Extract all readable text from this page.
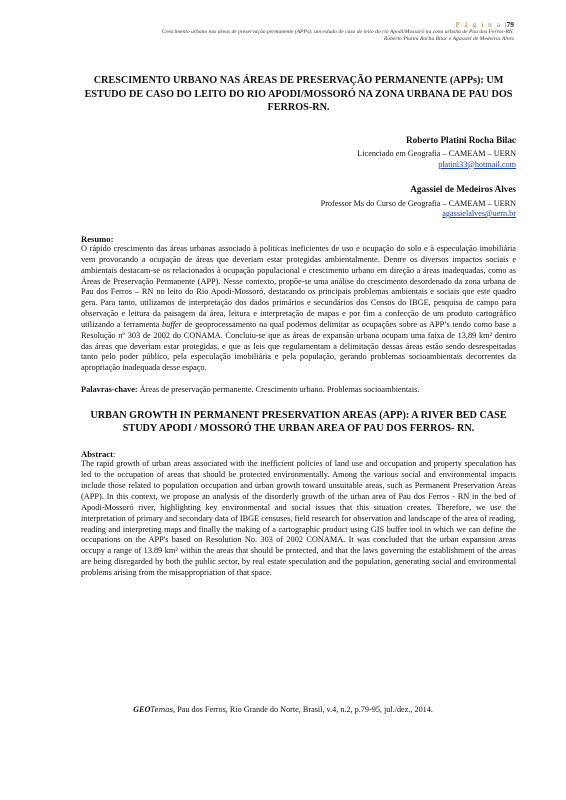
P á g i n a |79
Crescimento urbano nas áreas de preservação permanente (APPs): um estudo de caso do leito do rio Apodi/Mossoró na zona urbana de Pau dos Ferros-RN.
Roberto Platini Rocha Bilac e Agassiel de Medeiros Alves
CRESCIMENTO URBANO NAS ÁREAS DE PRESERVAÇÃO PERMANENTE (APPs): UM ESTUDO DE CASO DO LEITO DO RIO APODI/MOSSORÓ NA ZONA URBANA DE PAU DOS FERROS-RN.
Roberto Platini Rocha Bilac
Licenciado em Geografia – CAMEAM – UERN
platini33@hotmail.com
Agassiel de Medeiros Alves
Professor Ms do Curso de Geografia – CAMEAM – UERN
agassielalves@uern.br
Resumo:

O rápido crescimento das áreas urbanas associado à politicas ineficientes de uso e ocupação do solo e à especulação imobiliária vem provocando a ocupação de áreas que deveriam estar protegidas ambientalmente. Dentre os diversos impactos sociais e ambientais destacam-se os relacionados à ocupação populacional e crescimento urbano em direção a áreas inadequadas, como as Áreas de Preservação Permanente (APP). Nesse contexto, propõe-se uma análise do crescimento desordenado da zona urbana de Pau dos Ferros – RN no leito do Rio Apodi-Mossoró, destacando os principais problemas ambientais e sociais que este quadro gera. Para tanto, utilizamos de interpretação dos dados primários e secundários dos Censos do IBGE, pesquisa de campo para observação e leitura da paisagem da área, leitura e interpretação de mapas e por fim a confecção de um produto cartográfico utilizando a ferramenta buffer de geoprocessamento na qual podemos delimitar as ocupações sobre as APP’s tendo como base a Resolução nº 303 de 2002 do CONAMA. Concluiu-se que as áreas de expansão urbana ocupam uma faixa de 13,89 km² dentro das áreas que deveriam estar protegidas, e que as leis que regulamentam a delimitação dessas áreas estão sendo desrespeitadas tanto pelo poder público, pela especulação imobiliária e pela população, gerando problemas socioambientais decorrentes da apropriação inadequada desse espaço.

Palavras-chave: Áreas de preservação permanente. Crescimento urbano. Problemas socioambientais.
URBAN GROWTH IN PERMANENT PRESERVATION AREAS (APP): A RIVER BED CASE STUDY APODI / MOSSORÓ THE URBAN AREA OF PAU DOS FERROS- RN.
Abstract:

The rapid growth of urban areas associated with the inefficient policies of land use and occupation and property speculation has led to the occupation of areas that should be protected environmentally. Among the various social and environmental impacts include those related to population occupation and urban growth toward unsuitable areas, such as Permanent Preservation Areas (APP). In this context, we propose an analysis of the disorderly growth of the urban area of Pau dos Ferros - RN in the bed of Apodi-Mossoró river, highlighting key environmental and social issues that this situation creates. Therefore, we use the interpretation of primary and secondary data of IBGE censuses, field research for observation and landscape of the area of reading, reading and interpreting maps and finally the making of a cartographic product using GIS buffer tool in which we can define the occupations on the APP's based on Resolution No. 303 of 2002 CONAMA. It was concluded that the urban expansion areas occupy a range of 13.89 km² within the areas that should be protected, and that the laws governing the establishment of the areas are being disregarded by both the public sector, by real estate speculation and the population, generating social and environmental problems arising from the misappropriation of that space.

GEOTemas, Pau dos Ferros, Rio Grande do Norte, Brasil, v.4, n.2, p.79-95, jul./dez., 2014.
